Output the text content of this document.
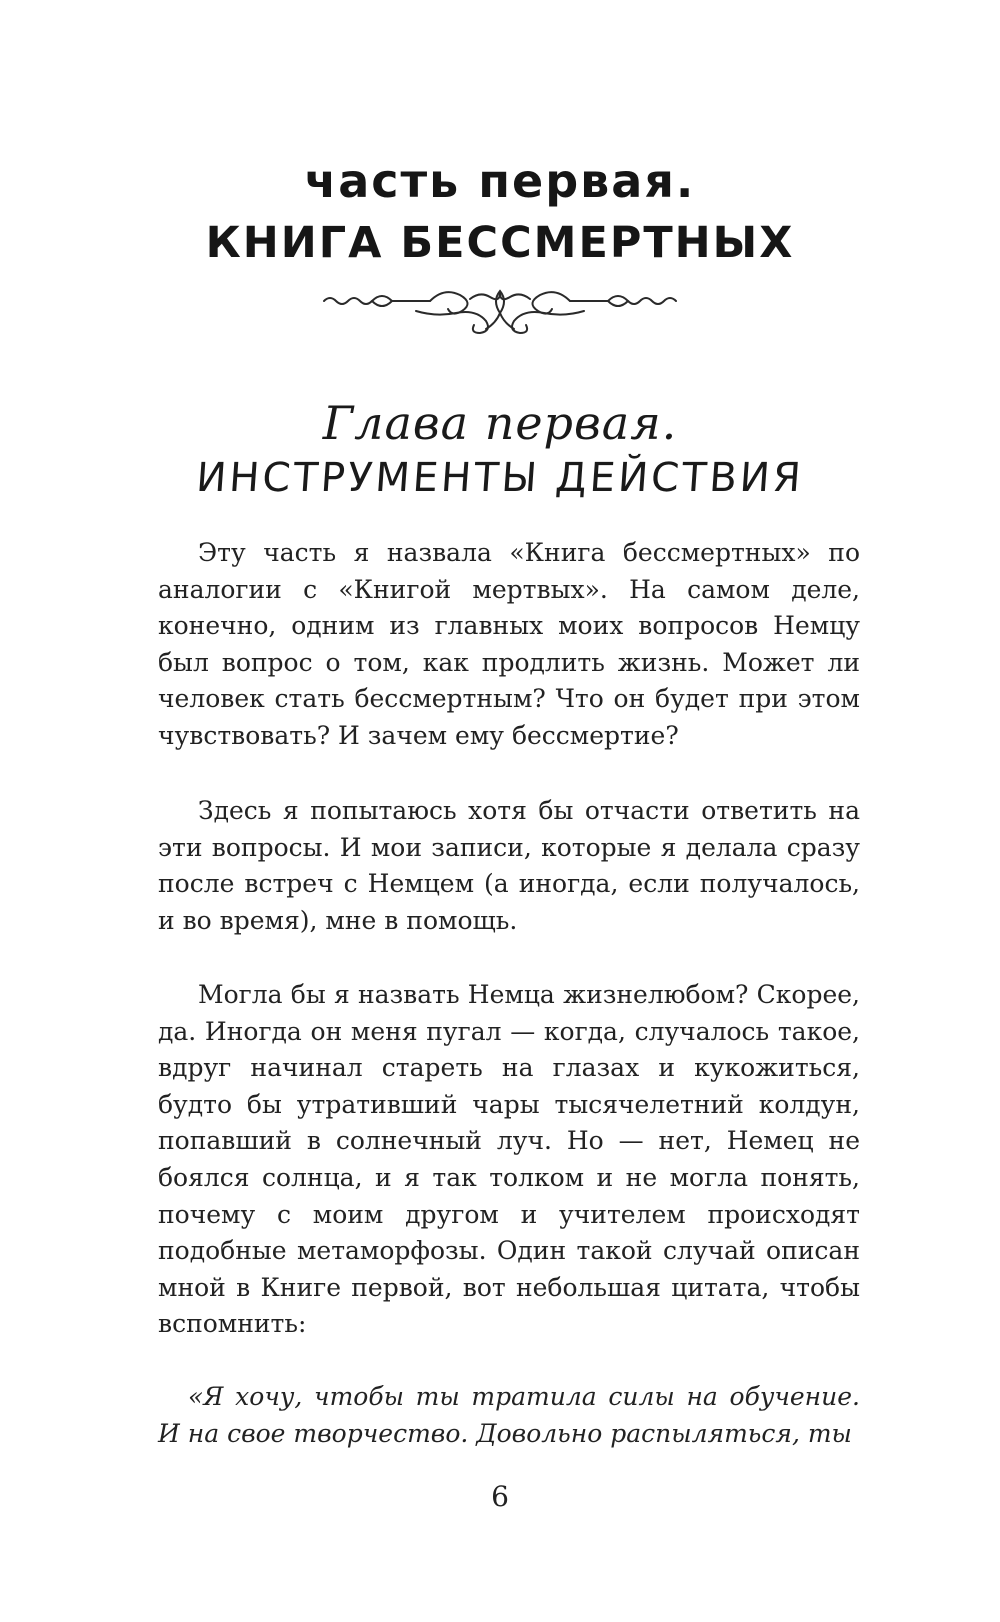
часть первая.
КНИГА БЕССМЕРТНЫХ
Глава первая.
ИНСТРУМЕНТЫ ДЕЙСТВИЯ

Эту часть я назвала «Книга бессмертных» по аналогии с «Книгой мертвых». На самом деле, конечно, одним из главных моих вопросов Немцу был вопрос о том, как продлить жизнь. Может ли человек стать бессмертным? Что он будет при этом чувствовать? И зачем ему бессмертие?

Здесь я попытаюсь хотя бы отчасти ответить на эти вопросы. И мои записи, которые я делала сразу после встреч с Немцем (а иногда, если получалось, и во время), мне в помощь.

Могла бы я назвать Немца жизнелюбом? Скорее, да. Иногда он меня пугал — когда, случалось такое, вдруг начинал стареть на глазах и кукожиться, будто бы утративший чары тысячелетний колдун, попавший в солнечный луч. Но — нет, Немец не боялся солнца, и я так толком и не могла понять, почему с моим другом и учителем происходят подобные метаморфозы. Один такой случай описан мной в Книге первой, вот небольшая цитата, чтобы вспомнить:

«Я хочу, чтобы ты тратила силы на обучение. И на свое творчество. Довольно распыляться, ты

6
